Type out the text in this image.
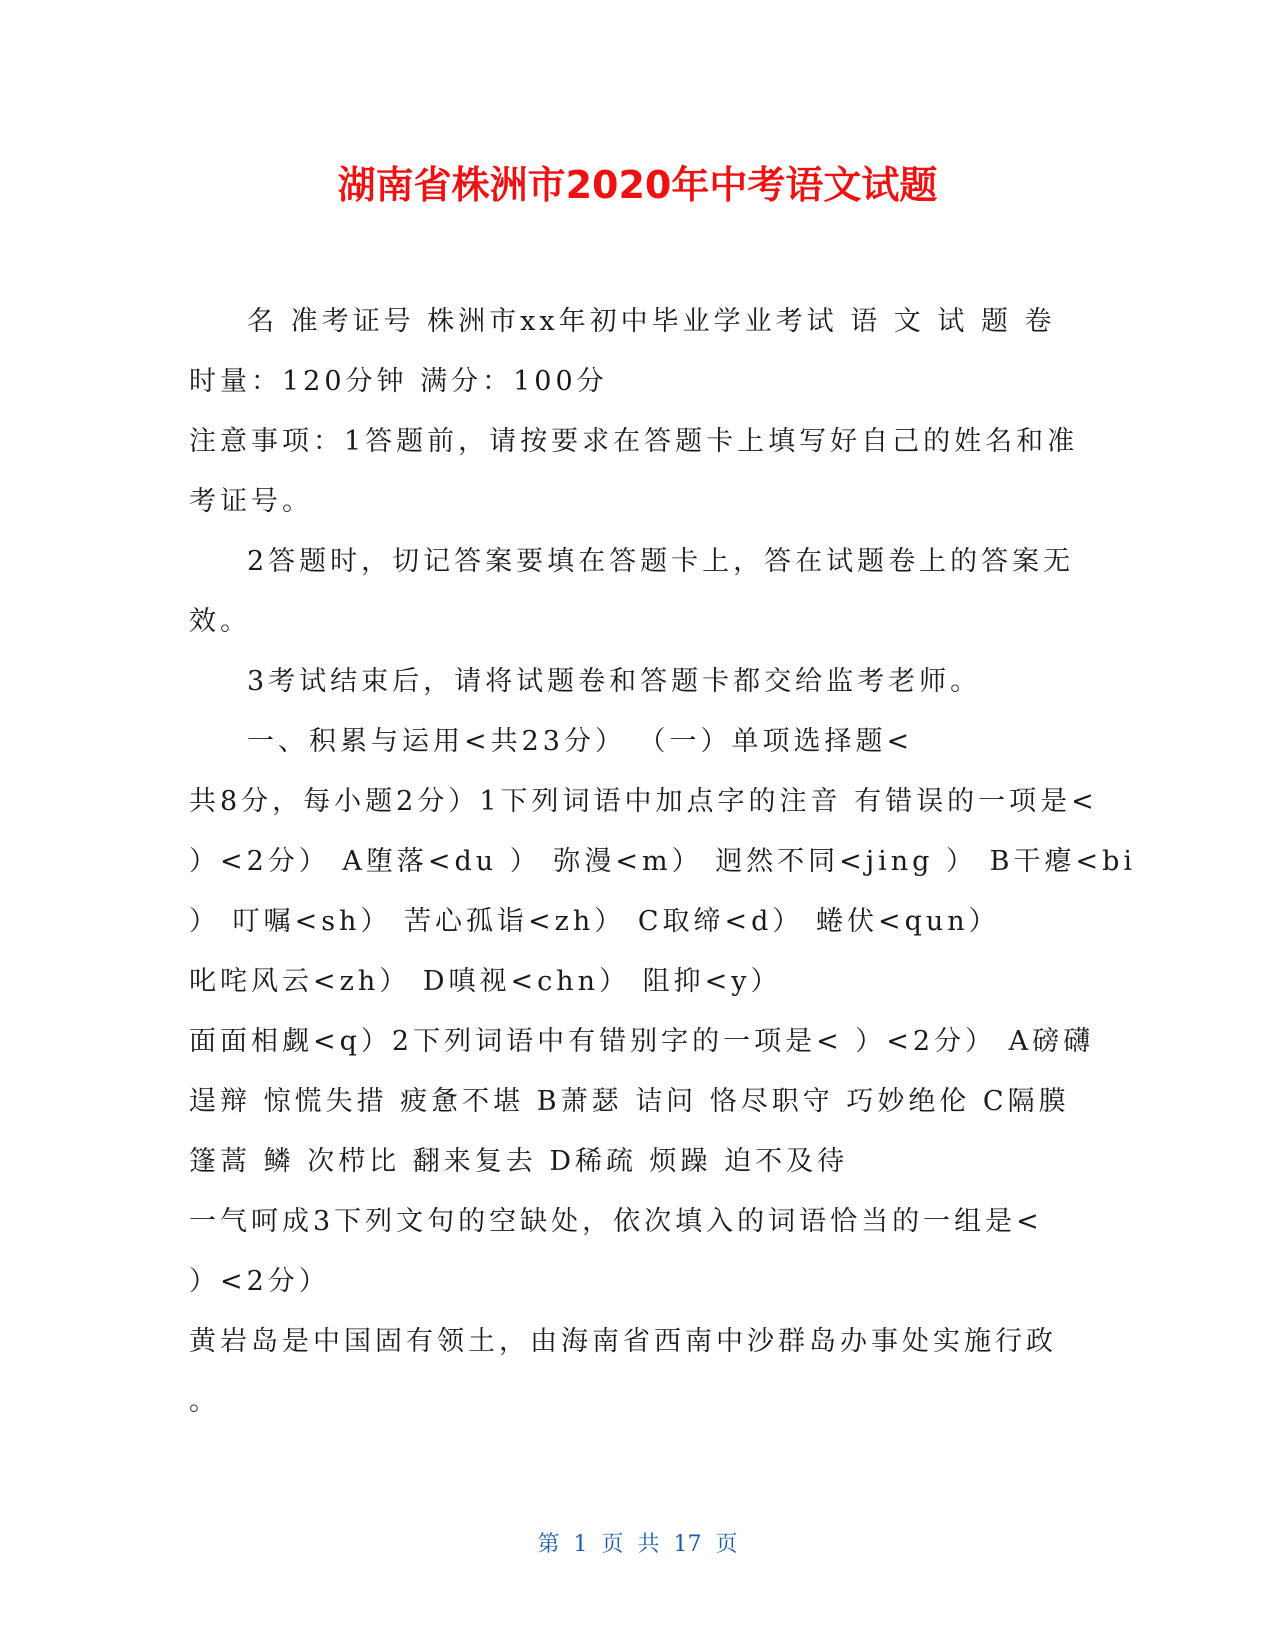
湖南省株洲市2020年中考语文试题
名 准考证号 株洲市xx年初中毕业学业考试 语 文 试 题 卷
时量：120分钟 满分：100分
注意事项：1答题前，请按要求在答题卡上填写好自己的姓名和准
考证号。
2答题时，切记答案要填在答题卡上，答在试题卷上的答案无
效。
3考试结束后，请将试题卷和答题卡都交给监考老师。
一、积累与运用<共23分） （一）单项选择题<
共8分，每小题2分）1下列词语中加点字的注音 有错误的一项是<
）<2分） A堕落<du ） 弥漫<m） 迥然不同<jing ） B干瘪<bi
） 叮嘱<sh） 苦心孤诣<zh） C取缔<d） 蜷伏<qun）
叱咤风云<zh） D嗔视<chn） 阻抑<y）
面面相觑<q）2下列词语中有错别字的一项是< ）<2分） A磅礴
逞辩 惊慌失措 疲惫不堪 B萧瑟 诘问 恪尽职守 巧妙绝伦 C隔膜
篷蒿 鳞 次栉比 翻来复去 D稀疏 烦躁 迫不及待
一气呵成3下列文句的空缺处，依次填入的词语恰当的一组是<
）<2分）
黄岩岛是中国固有领土，由海南省西南中沙群岛办事处实施行政
。
第  1  页  共  17  页
